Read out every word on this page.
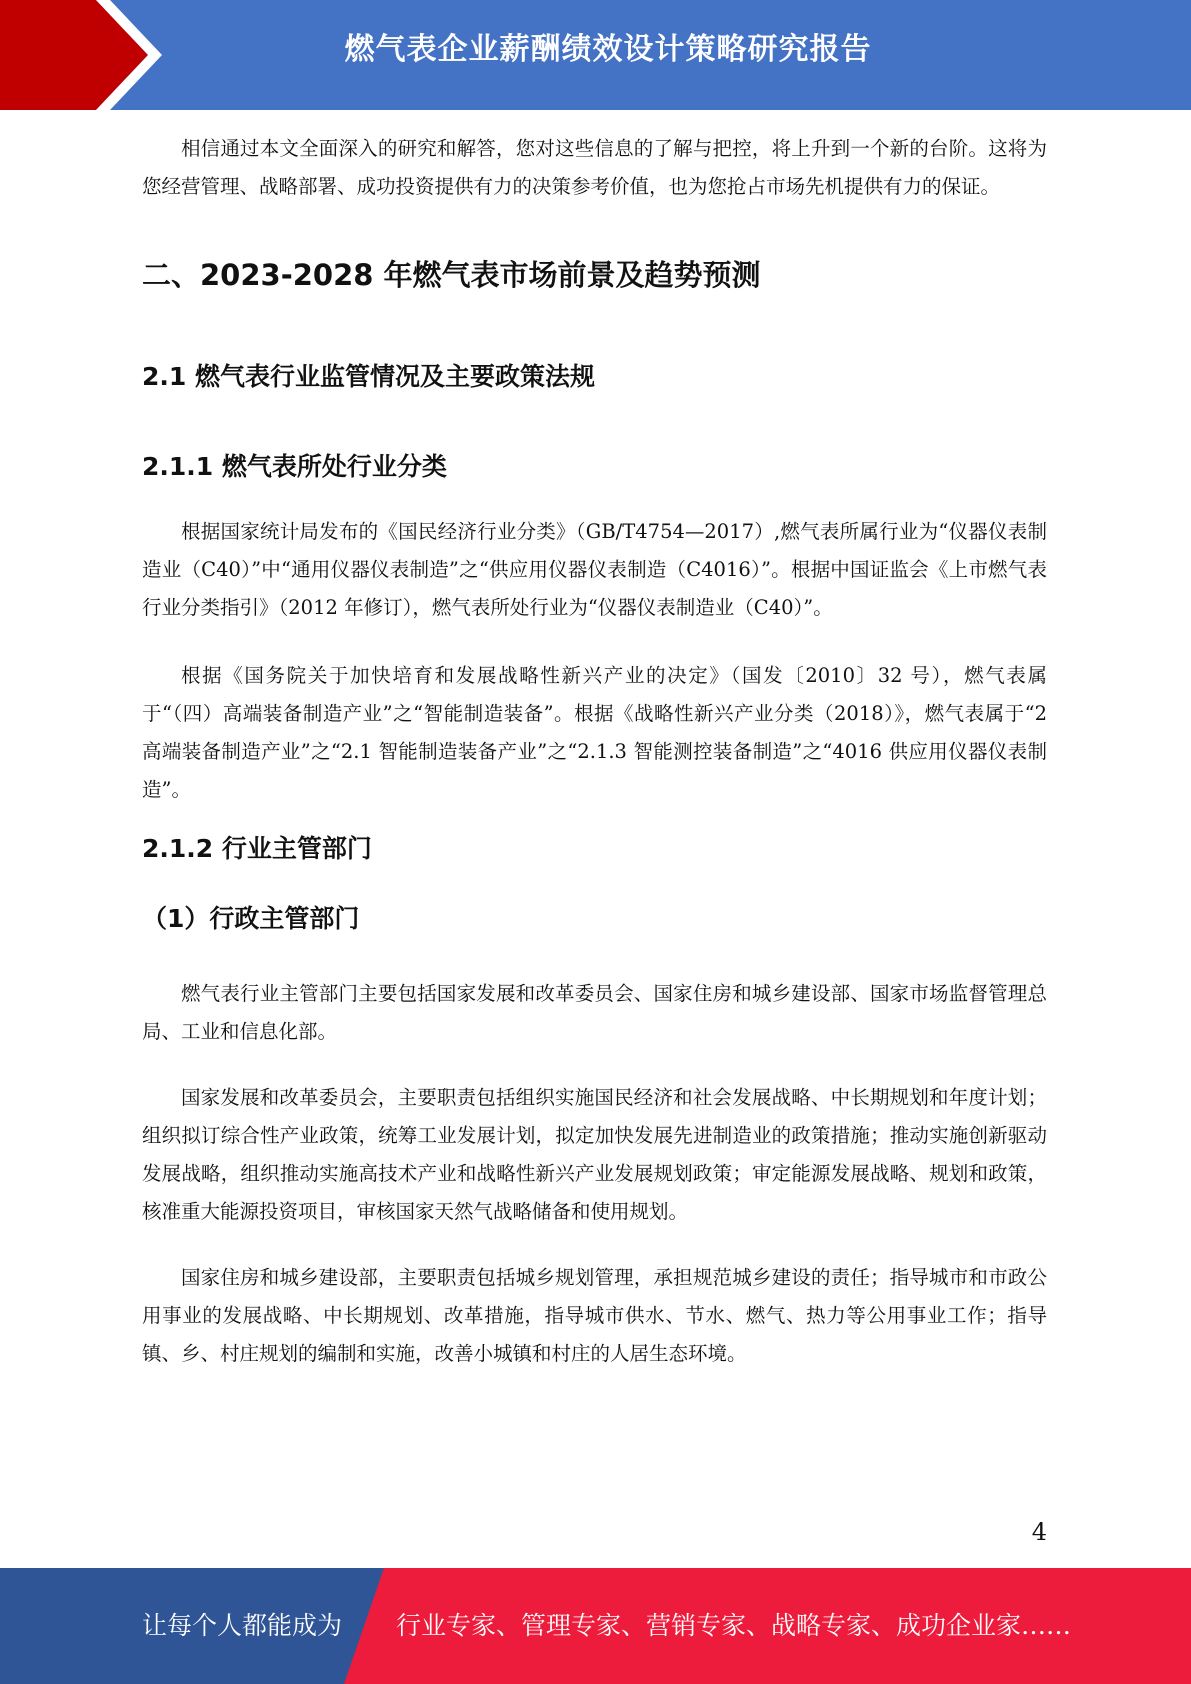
燃气表企业薪酬绩效设计策略研究报告

相信通过本文全面深入的研究和解答，您对这些信息的了解与把控，将上升到一个新的台阶。这将为您经营管理、战略部署、成功投资提供有力的决策参考价值，也为您抢占市场先机提供有力的保证。

二、2023-2028 年燃气表市场前景及趋势预测
2.1 燃气表行业监管情况及主要政策法规
2.1.1 燃气表所处行业分类

根据国家统计局发布的《国民经济行业分类》（GB/T4754—2017）,燃气表所属行业为“仪器仪表制造业（C40）”中“通用仪器仪表制造”之“供应用仪器仪表制造（C4016）”。根据中国证监会《上市燃气表行业分类指引》（2012 年修订），燃气表所处行业为“仪器仪表制造业（C40）”。

根据《国务院关于加快培育和发展战略性新兴产业的决定》（国发〔2010〕32 号），燃气表属于“（四）高端装备制造产业”之“智能制造装备”。根据《战略性新兴产业分类（2018）》，燃气表属于“2 高端装备制造产业”之“2.1 智能制造装备产业”之“2.1.3 智能测控装备制造”之“4016 供应用仪器仪表制造”。

2.1.2 行业主管部门
（1）行政主管部门

燃气表行业主管部门主要包括国家发展和改革委员会、国家住房和城乡建设部、国家市场监督管理总局、工业和信息化部。

国家发展和改革委员会，主要职责包括组织实施国民经济和社会发展战略、中长期规划和年度计划；组织拟订综合性产业政策，统筹工业发展计划，拟定加快发展先进制造业的政策措施；推动实施创新驱动发展战略，组织推动实施高技术产业和战略性新兴产业发展规划政策；审定能源发展战略、规划和政策，核准重大能源投资项目，审核国家天然气战略储备和使用规划。

国家住房和城乡建设部，主要职责包括城乡规划管理，承担规范城乡建设的责任；指导城市和市政公用事业的发展战略、中长期规划、改革措施，指导城市供水、节水、燃气、热力等公用事业工作；指导镇、乡、村庄规划的编制和实施，改善小城镇和村庄的人居生态环境。

4
让每个人都能成为 行业专家、管理专家、营销专家、战略专家、成功企业家……
